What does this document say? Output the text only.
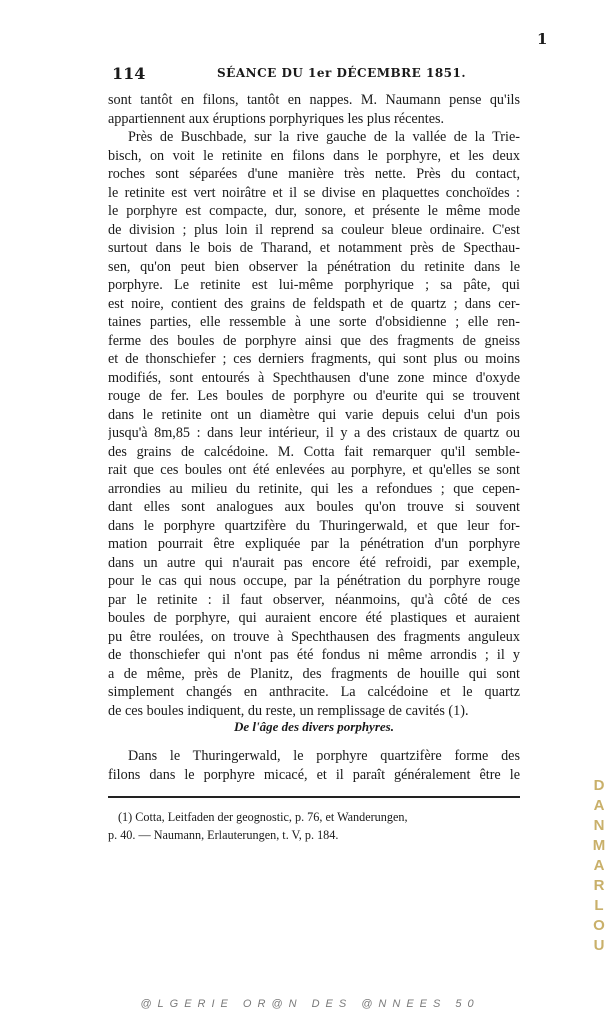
1
114	SÉANCE DU 1er DÉCEMBRE 1851.
sont tantôt en filons, tantôt en nappes. M. Naumann pense qu'ils
appartiennent aux éruptions porphyriques les plus récentes.
Près de Buschbade, sur la rive gauche de la vallée de la Trie-
bisch, on voit le retinite en filons dans le porphyre, et les deux
roches sont séparées d'une manière très nette. Près du contact,
le retinite est vert noirâtre et il se divise en plaquettes conchoïdes :
le porphyre est compacte, dur, sonore, et présente le même mode
de division ; plus loin il reprend sa couleur bleue ordinaire. C'est
surtout dans le bois de Tharand, et notamment près de Specthau-
sen, qu'on peut bien observer la pénétration du retinite dans le
porphyre. Le retinite est lui-même porphyrique ; sa pâte, qui
est noire, contient des grains de feldspath et de quartz ; dans cer-
taines parties, elle ressemble à une sorte d'obsidienne ; elle ren-
ferme des boules de porphyre ainsi que des fragments de gneiss
et de thonschiefer ; ces derniers fragments, qui sont plus ou moins
modifiés, sont entourés à Spechthausen d'une zone mince d'oxyde
rouge de fer. Les boules de porphyre ou d'eurite qui se trouvent
dans le retinite ont un diamètre qui varie depuis celui d'un pois
jusqu'à 8m,85 : dans leur intérieur, il y a des cristaux de quartz ou
des grains de calcédoine. M. Cotta fait remarquer qu'il semble-
rait que ces boules ont été enlevées au porphyre, et qu'elles se sont
arrondies au milieu du retinite, qui les a refondues ; que cepen-
dant elles sont analogues aux boules qu'on trouve si souvent
dans le porphyre quartzifère du Thuringerwald, et que leur for-
mation pourrait être expliquée par la pénétration d'un porphyre
dans un autre qui n'aurait pas encore été refroidi, par exemple,
pour le cas qui nous occupe, par la pénétration du porphyre rouge
par le retinite : il faut observer, néanmoins, qu'à côté de ces
boules de porphyre, qui auraient encore été plastiques et auraient
pu être roulées, on trouve à Spechthausen des fragments anguleux
de thonschiefer qui n'ont pas été fondus ni même arrondis ; il y
a de même, près de Planitz, des fragments de houille qui sont
simplement changés en anthracite. La calcédoine et le quartz
de ces boules indiquent, du reste, un remplissage de cavités (1).
De l'âge des divers porphyres.
Dans le Thuringerwald, le porphyre quartzifère forme des
filons dans le porphyre micacé, et il paraît généralement être le
(1) Cotta, Leitfaden der geognostic, p. 76, et Wanderungen,
p. 40. — Naumann, Erlauterungen, t. V, p. 184.
DANMARLOU
@LGERIE OR@N DES @NNEES 50
